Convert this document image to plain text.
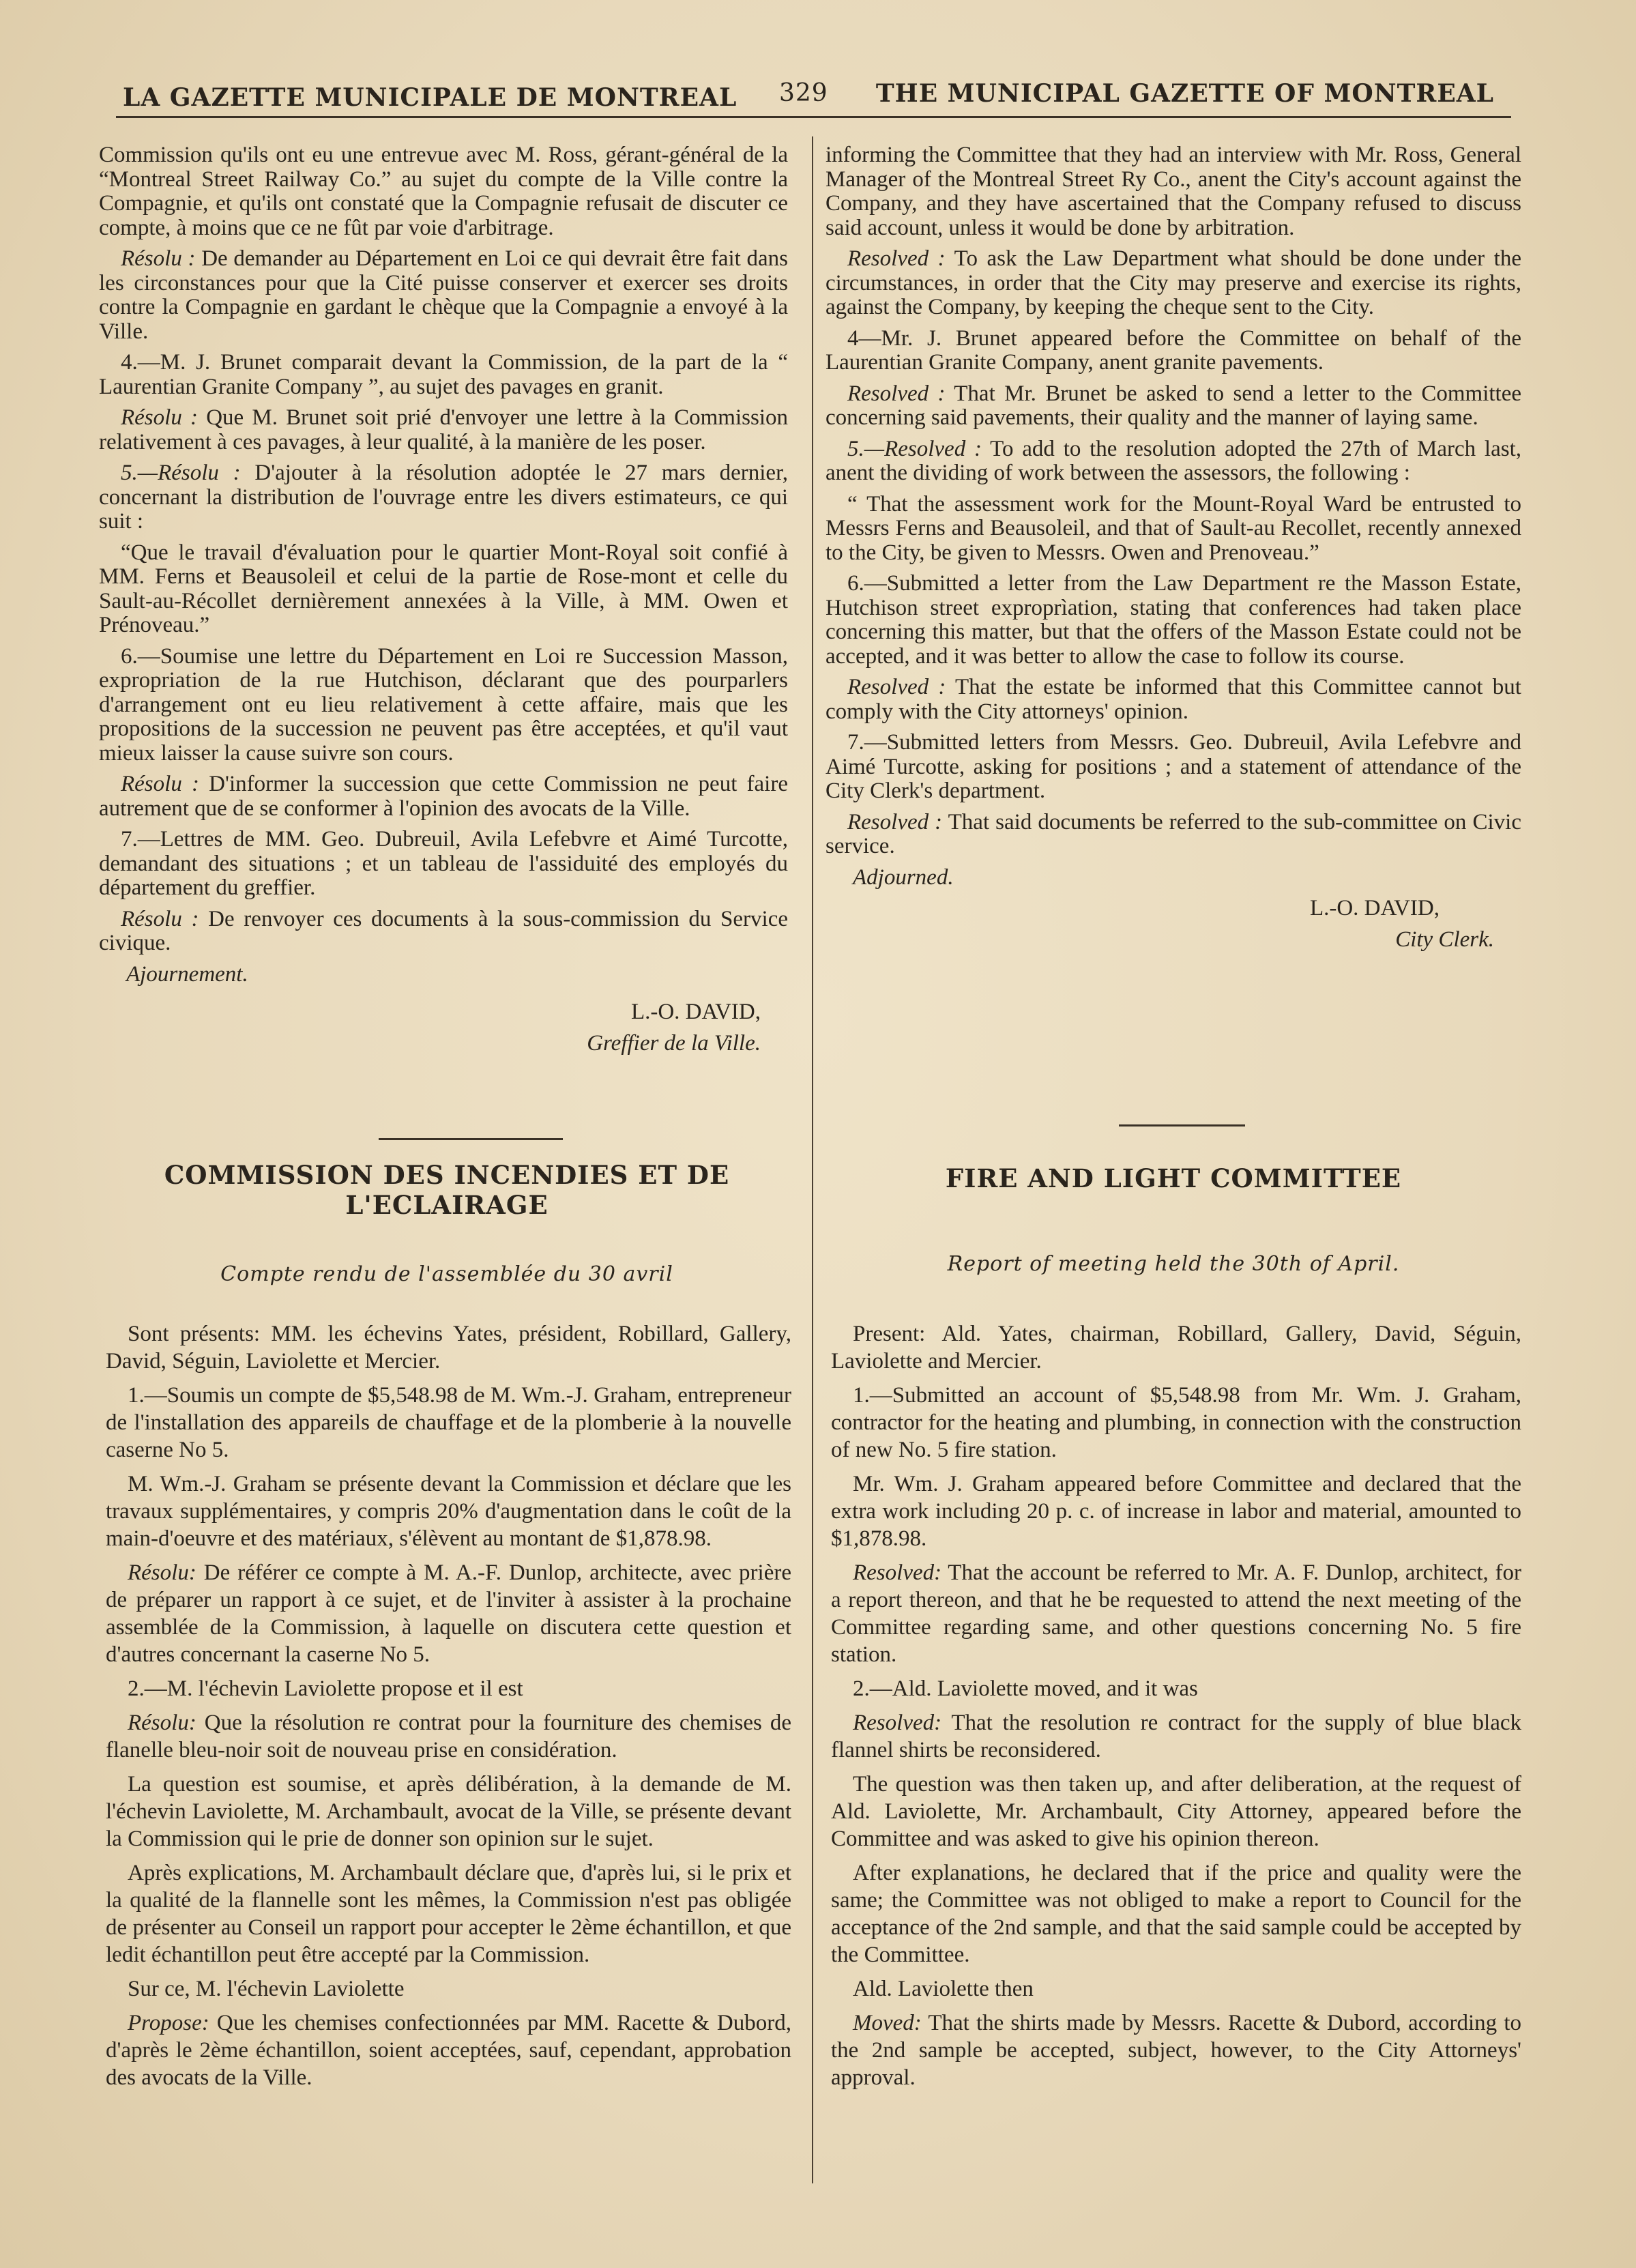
LA GAZETTE MUNICIPALE DE MONTREAL 329 THE MUNICIPAL GAZETTE OF MONTREAL

Commission qu'ils ont eu une entrevue avec M. Ross, gérant-général de la “Montreal Street Railway Co.” au sujet du compte de la Ville contre la Compagnie, et qu'ils ont constaté que la Compagnie refusait de discuter ce compte, à moins que ce ne fût par voie d'arbitrage.

Résolu : De demander au Département en Loi ce qui devrait être fait dans les circonstances pour que la Cité puisse conserver et exercer ses droits contre la Compagnie en gardant le chèque que la Compagnie a envoyé à la Ville.

4.—M. J. Brunet comparait devant la Commission, de la part de la “ Laurentian Granite Company ”, au sujet des pavages en granit.

Résolu : Que M. Brunet soit prié d'envoyer une lettre à la Commission relativement à ces pavages, à leur qualité, à la manière de les poser.

5.—Résolu : D'ajouter à la résolution adoptée le 27 mars dernier, concernant la distribution de l'ouvrage entre les divers estimateurs, ce qui suit :

“Que le travail d'évaluation pour le quartier Mont-Royal soit confié à MM. Ferns et Beausoleil et celui de la partie de Rose-mont et celle du Sault-au-Récollet dernièrement annexées à la Ville, à MM. Owen et Prénoveau.”

6.—Soumise une lettre du Département en Loi re Succession Masson, expropriation de la rue Hutchison, déclarant que des pourparlers d'arrangement ont eu lieu relativement à cette affaire, mais que les propositions de la succession ne peuvent pas être acceptées, et qu'il vaut mieux laisser la cause suivre son cours.

Résolu : D'informer la succession que cette Commission ne peut faire autrement que de se conformer à l'opinion des avocats de la Ville.

7.—Lettres de MM. Geo. Dubreuil, Avila Lefebvre et Aimé Turcotte, demandant des situations ; et un tableau de l'assiduité des employés du département du greffier.

Résolu : De renvoyer ces documents à la sous-commission du Service civique.

Ajournement.

L.-O. DAVID,

Greffier de la Ville.

informing the Committee that they had an interview with Mr. Ross, General Manager of the Montreal Street Ry Co., anent the City's account against the Company, and they have ascertained that the Company refused to discuss said account, unless it would be done by arbitration.

Resolved : To ask the Law Department what should be done under the circumstances, in order that the City may preserve and exercise its rights, against the Company, by keeping the cheque sent to the City.

4—Mr. J. Brunet appeared before the Committee on behalf of the Laurentian Granite Company, anent granite pavements.

Resolved : That Mr. Brunet be asked to send a letter to the Committee concerning said pavements, their quality and the manner of laying same.

5.—Resolved : To add to the resolution adopted the 27th of March last, anent the dividing of work between the assessors, the following :

“ That the assessment work for the Mount-Royal Ward be entrusted to Messrs Ferns and Beausoleil, and that of Sault-au Recollet, recently annexed to the City, be given to Messrs. Owen and Prenoveau.”

6.—Submitted a letter from the Law Department re the Masson Estate, Hutchison street exproprìation, stating that conferences had taken place concerning this matter, but that the offers of the Masson Estate could not be accepted, and it was better to allow the case to follow its course.

Resolved : That the estate be informed that this Committee cannot but comply with the City attorneys' opinion.

7.—Submitted letters from Messrs. Geo. Dubreuil, Avila Lefebvre and Aimé Turcotte, asking for positions ; and a statement of attendance of the City Clerk's department.

Resolved : That said documents be referred to the sub-committee on Civic service.

Adjourned.

L.-O. DAVID,

City Clerk.

COMMISSION DES INCENDIES ET DE L'ECLAIRAGE
Compte rendu de l'assemblée du 30 avril
FIRE AND LIGHT COMMITTEE
Report of meeting held the 30th of April.

Sont présents: MM. les échevins Yates, président, Robillard, Gallery, David, Séguin, Laviolette et Mercier.

1.—Soumis un compte de $5,548.98 de M. Wm.-J. Graham, entrepreneur de l'installation des appareils de chauffage et de la plomberie à la nouvelle caserne No 5.

M. Wm.-J. Graham se présente devant la Commission et déclare que les travaux supplémentaires, y compris 20% d'augmentation dans le coût de la main-d'oeuvre et des matériaux, s'élèvent au montant de $1,878.98.

Résolu: De référer ce compte à M. A.-F. Dunlop, architecte, avec prière de préparer un rapport à ce sujet, et de l'inviter à assister à la prochaine assemblée de la Commission, à laquelle on discutera cette question et d'autres concernant la caserne No 5.

2.—M. l'échevin Laviolette propose et il est

Résolu: Que la résolution re contrat pour la fourniture des chemises de flanelle bleu-noir soit de nouveau prise en considération.

La question est soumise, et après délibération, à la demande de M. l'échevin Laviolette, M. Archambault, avocat de la Ville, se présente devant la Commission qui le prie de donner son opinion sur le sujet.

Après explications, M. Archambault déclare que, d'après lui, si le prix et la qualité de la flannelle sont les mêmes, la Commission n'est pas obligée de présenter au Conseil un rapport pour accepter le 2ème échantillon, et que ledit échantillon peut être accepté par la Commission.

Sur ce, M. l'échevin Laviolette

Propose: Que les chemises confectionnées par MM. Racette & Dubord, d'après le 2ème échantillon, soient acceptées, sauf, cependant, approbation des avocats de la Ville.

Present: Ald. Yates, chairman, Robillard, Gallery, David, Séguin, Laviolette and Mercier.

1.—Submitted an account of $5,548.98 from Mr. Wm. J. Graham, contractor for the heating and plumbing, in connection with the construction of new No. 5 fire station.

Mr. Wm. J. Graham appeared before Committee and declared that the extra work including 20 p. c. of increase in labor and material, amounted to $1,878.98.

Resolved: That the account be referred to Mr. A. F. Dunlop, architect, for a report thereon, and that he be requested to attend the next meeting of the Committee regarding same, and other questions concerning No. 5 fire station.

2.—Ald. Laviolette moved, and it was

Resolved: That the resolution re contract for the supply of blue black flannel shirts be reconsidered.

The question was then taken up, and after deliberation, at the request of Ald. Laviolette, Mr. Archambault, City Attorney, appeared before the Committee and was asked to give his opinion thereon.

After explanations, he declared that if the price and quality were the same; the Committee was not obliged to make a report to Council for the acceptance of the 2nd sample, and that the said sample could be accepted by the Committee.

Ald. Laviolette then

Moved: That the shirts made by Messrs. Racette & Dubord, according to the 2nd sample be accepted, subject, however, to the City Attorneys' approval.
